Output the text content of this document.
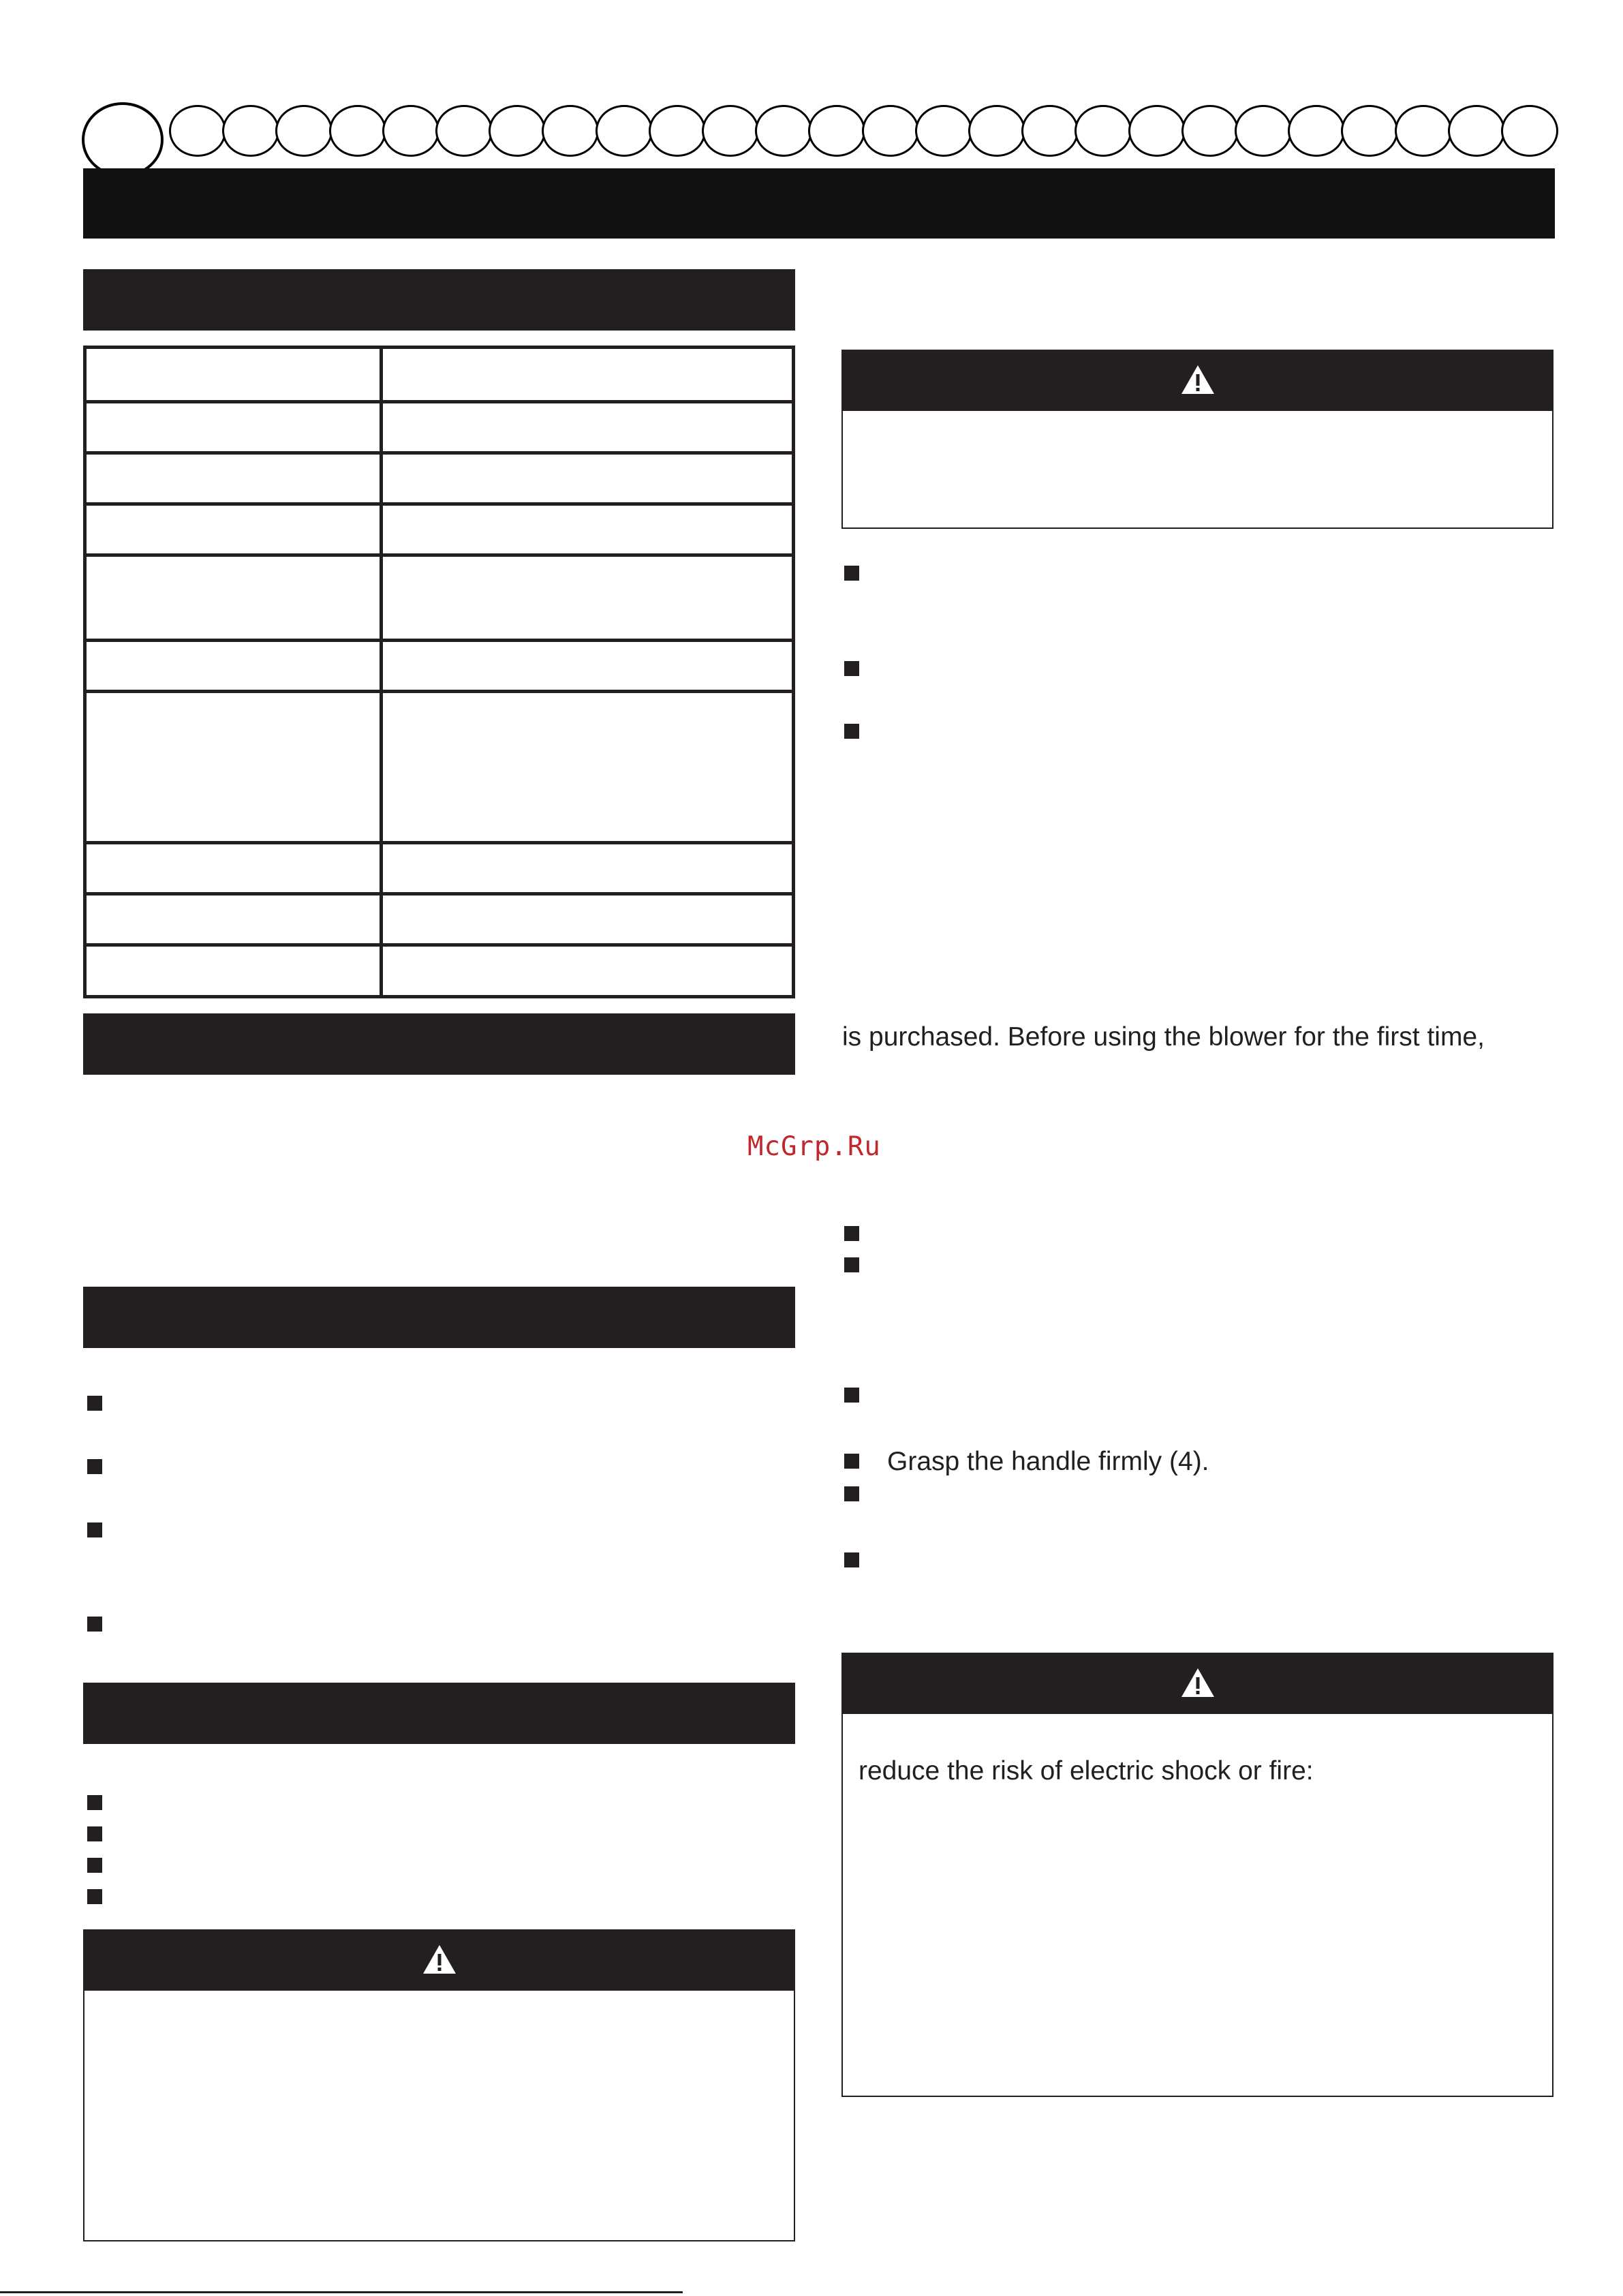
is purchased. Before using the blower for the first time,
McGrp.Ru
Grasp the handle firmly (4).
reduce the risk of electric shock or fire:
